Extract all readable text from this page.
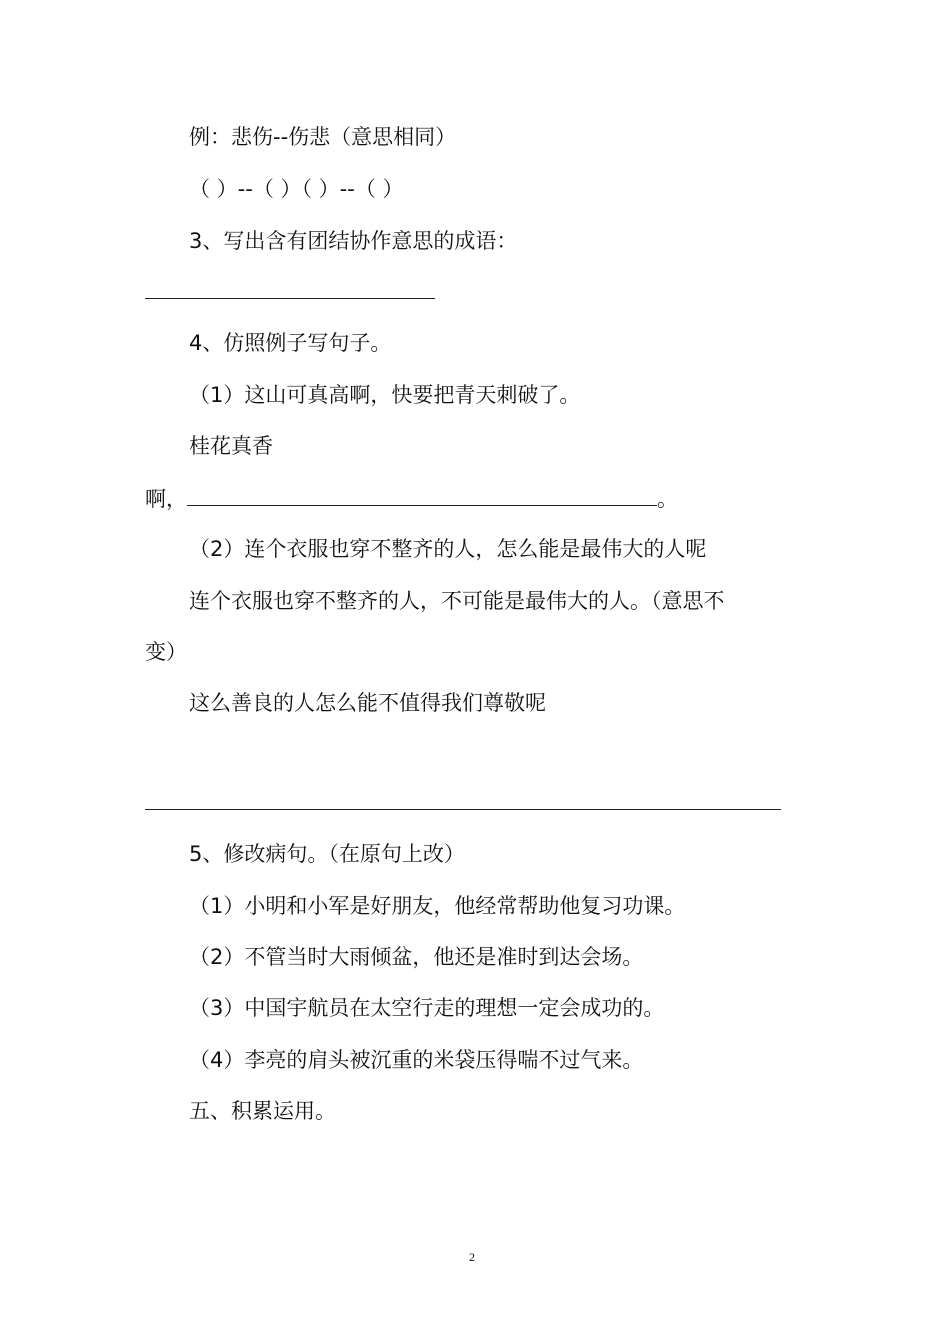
例：悲伤--伤悲（意思相同）
（ ）--（ ）（ ）--（ ）
3、写出含有团结协作意思的成语：
4、仿照例子写句子。
（1）这山可真高啊，快要把青天刺破了。
桂花真香
啊，	。
（2）连个衣服也穿不整齐的人，怎么能是最伟大的人呢
连个衣服也穿不整齐的人，不可能是最伟大的人。（意思不
变）
这么善良的人怎么能不值得我们尊敬呢
5、修改病句。（在原句上改）
（1）小明和小军是好朋友，他经常帮助他复习功课。
（2）不管当时大雨倾盆，他还是准时到达会场。
（3）中国宇航员在太空行走的理想一定会成功的。
（4）李亮的肩头被沉重的米袋压得喘不过气来。
五、积累运用。
2
